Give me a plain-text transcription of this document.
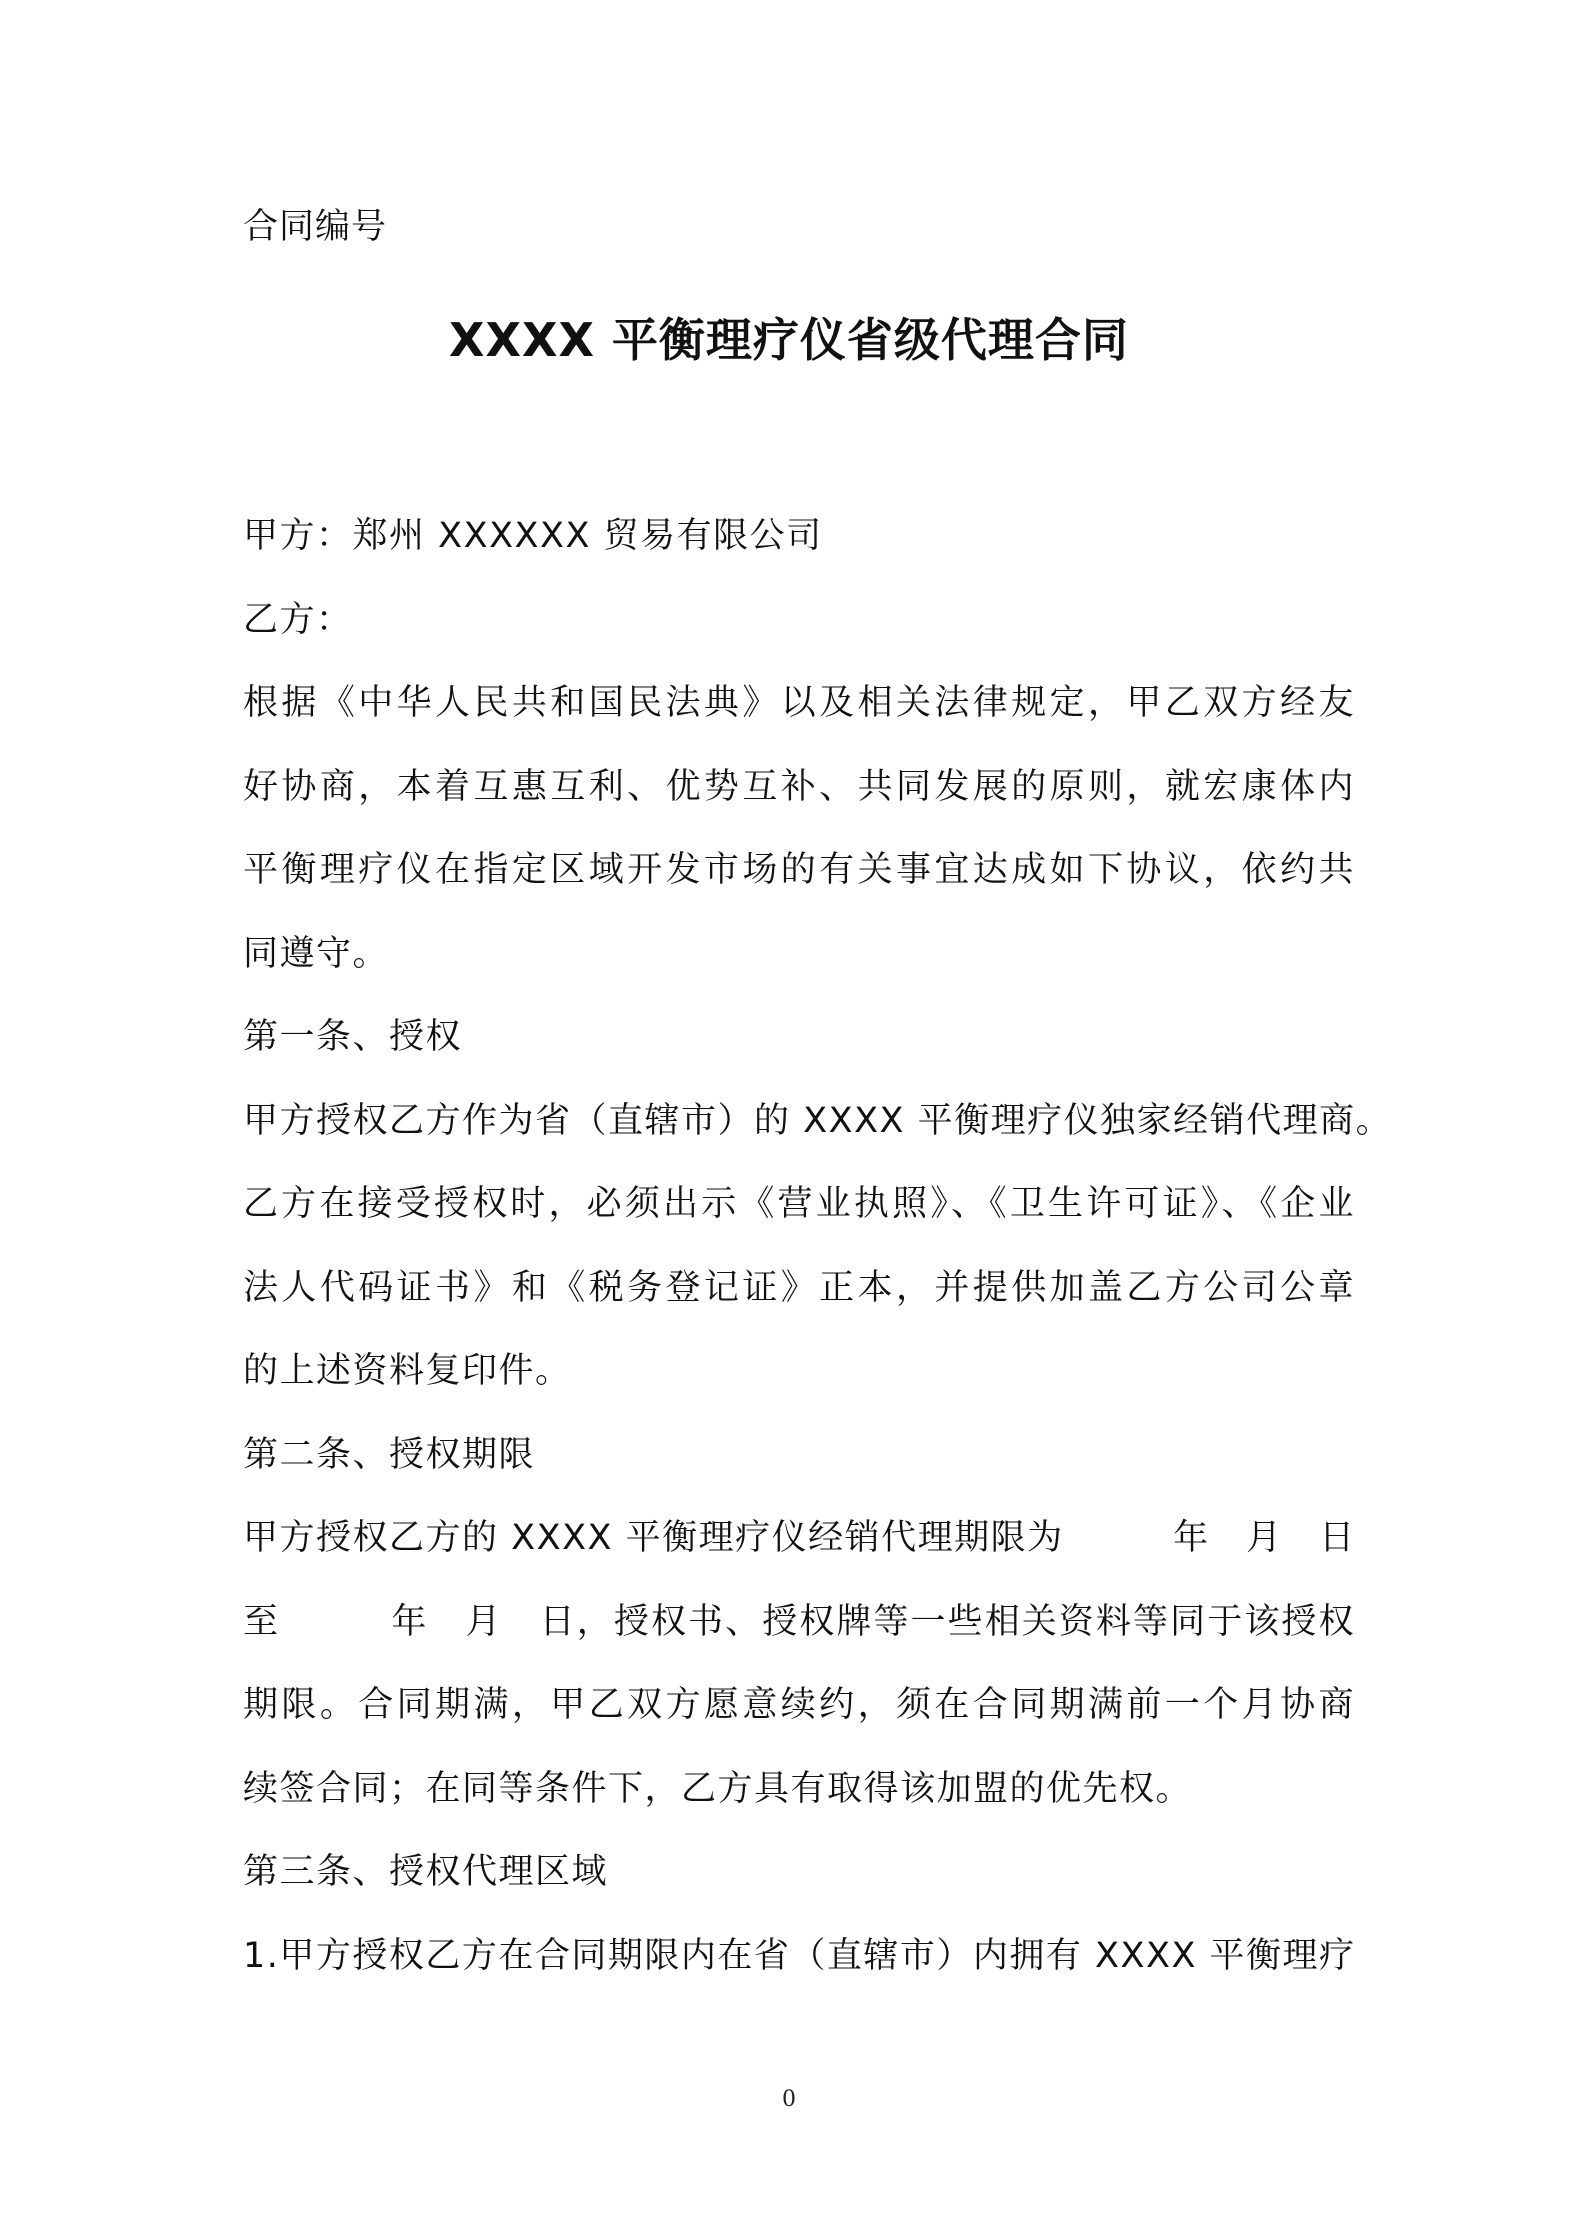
合同编号
XXXX 平衡理疗仪省级代理合同
甲方：郑州 XXXXXX 贸易有限公司
乙方：
根据《中华人民共和国民法典》以及相关法律规定，甲乙双方经友
好协商，本着互惠互利、优势互补、共同发展的原则，就宏康体内
平衡理疗仪在指定区域开发市场的有关事宜达成如下协议，依约共
同遵守。
第一条、授权
甲方授权乙方作为省（直辖市）的 XXXX 平衡理疗仪独家经销代理商。
乙方在接受授权时，必须出示《营业执照》、《卫生许可证》、《企业
法人代码证书》和《税务登记证》正本，并提供加盖乙方公司公章
的上述资料复印件。
第二条、授权期限
甲方授权乙方的 XXXX 平衡理疗仪经销代理期限为　　　年　月　日
至　　　年　月　日，授权书、授权牌等一些相关资料等同于该授权
期限。合同期满，甲乙双方愿意续约，须在合同期满前一个月协商
续签合同；在同等条件下，乙方具有取得该加盟的优先权。
第三条、授权代理区域
1.甲方授权乙方在合同期限内在省（直辖市）内拥有 XXXX 平衡理疗
0
